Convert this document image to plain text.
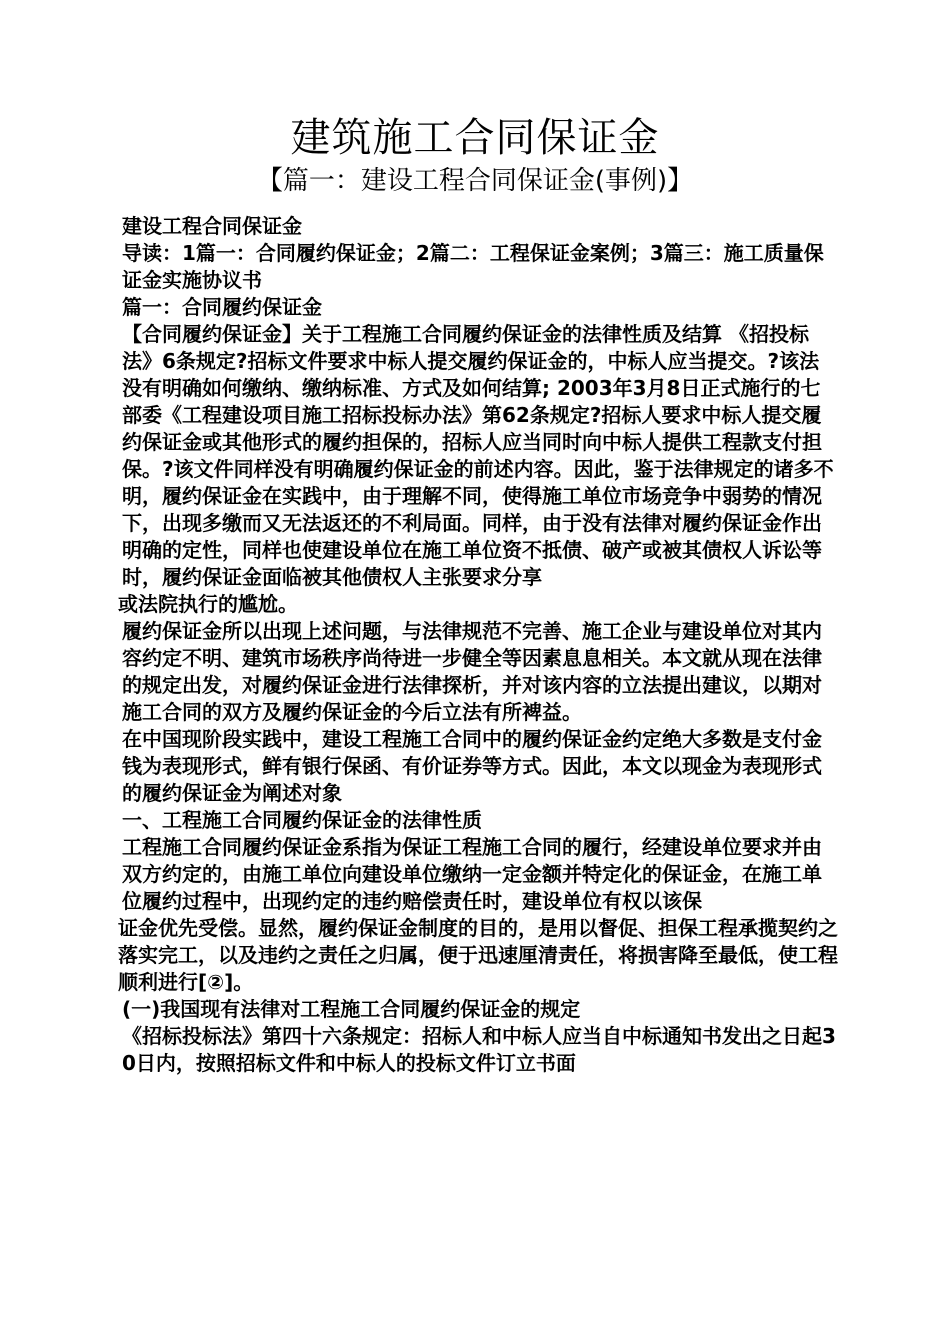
建筑施工合同保证金
【篇一：建设工程合同保证金(事例)】

建设工程合同保证金

导读：1篇一：合同履约保证金；2篇二：工程保证金案例；3篇三：施工质量保证金实施协议书

篇一：合同履约保证金

【合同履约保证金】关于工程施工合同履约保证金的法律性质及结算 《招投标法》6条规定?招标文件要求中标人提交履约保证金的，中标人应当提交。?该法没有明确如何缴纳、缴纳标准、方式及如何结算; 2003年3月8日正式施行的七部委《工程建设项目施工招标投标办法》第62条规定?招标人要求中标人提交履约保证金或其他形式的履约担保的，招标人应当同时向中标人提供工程款支付担保。?该文件同样没有明确履约保证金的前述内容。因此，鉴于法律规定的诸多不明，履约保证金在实践中，由于理解不同，使得施工单位市场竞争中弱势的情况下，出现多缴而又无法返还的不利局面。同样，由于没有法律对履约保证金作出明确的定性，同样也使建设单位在施工单位资不抵债、破产或被其债权人诉讼等时，履约保证金面临被其他债权人主张要求分享

或法院执行的尴尬。

履约保证金所以出现上述问题，与法律规范不完善、施工企业与建设单位对其内容约定不明、建筑市场秩序尚待进一步健全等因素息息相关。本文就从现在法律的规定出发，对履约保证金进行法律探析，并对该内容的立法提出建议，以期对施工合同的双方及履约保证金的今后立法有所裨益。

在中国现阶段实践中，建设工程施工合同中的履约保证金约定绝大多数是支付金钱为表现形式，鲜有银行保函、有价证券等方式。因此，本文以现金为表现形式的履约保证金为阐述对象

一、工程施工合同履约保证金的法律性质

工程施工合同履约保证金系指为保证工程施工合同的履行，经建设单位要求并由双方约定的，由施工单位向建设单位缴纳一定金额并特定化的保证金，在施工单位履约过程中，出现约定的违约赔偿责任时，建设单位有权以该保

证金优先受偿。显然，履约保证金制度的目的，是用以督促、担保工程承揽契约之落实完工，以及违约之责任之归属，便于迅速厘清责任，将损害降至最低，使工程顺利进行[②]。

(一)我国现有法律对工程施工合同履约保证金的规定

《招标投标法》第四十六条规定：招标人和中标人应当自中标通知书发出之日起30日内，按照招标文件和中标人的投标文件订立书面
